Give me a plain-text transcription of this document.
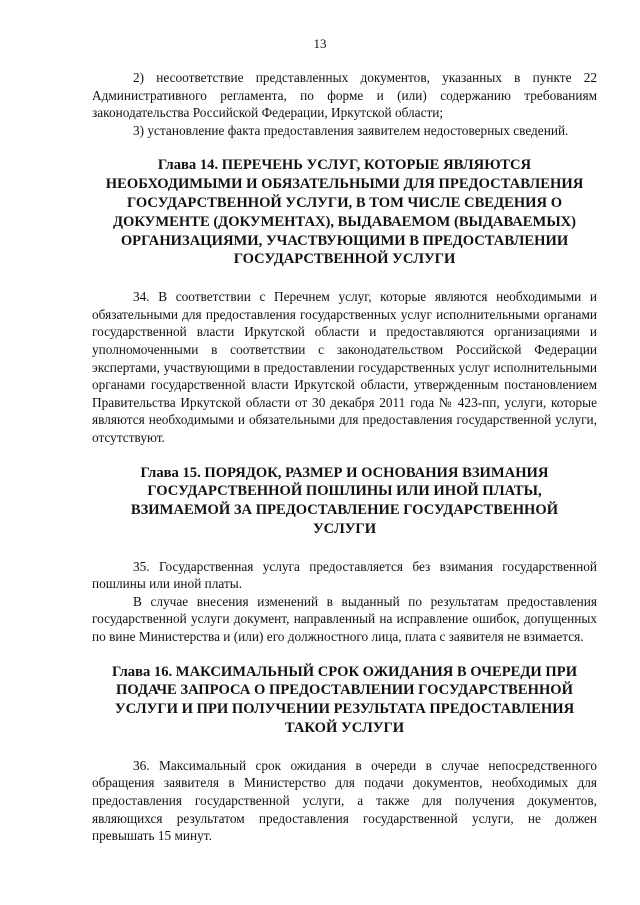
13

2) несоответствие представленных документов, указанных в пункте 22 Административного регламента, по форме и (или) содержанию требованиям законодательства Российской Федерации, Иркутской области;

3) установление факта предоставления заявителем недостоверных сведений.

Глава 14. ПЕРЕЧЕНЬ УСЛУГ, КОТОРЫЕ ЯВЛЯЮТСЯ НЕОБХОДИМЫМИ И ОБЯЗАТЕЛЬНЫМИ ДЛЯ ПРЕДОСТАВЛЕНИЯ ГОСУДАРСТВЕННОЙ УСЛУГИ, В ТОМ ЧИСЛЕ СВЕДЕНИЯ О ДОКУМЕНТЕ (ДОКУМЕНТАХ), ВЫДАВАЕМОМ (ВЫДАВАЕМЫХ) ОРГАНИЗАЦИЯМИ, УЧАСТВУЮЩИМИ В ПРЕДОСТАВЛЕНИИ ГОСУДАРСТВЕННОЙ УСЛУГИ

34. В соответствии с Перечнем услуг, которые являются необходимыми и обязательными для предоставления государственных услуг исполнительными органами государственной власти Иркутской области и предоставляются организациями и уполномоченными в соответствии с законодательством Российской Федерации экспертами, участвующими в предоставлении государственных услуг исполнительными органами государственной власти Иркутской области, утвержденным постановлением Правительства Иркутской области от 30 декабря 2011 года № 423-пп, услуги, которые являются необходимыми и обязательными для предоставления государственной услуги, отсутствуют.

Глава 15. ПОРЯДОК, РАЗМЕР И ОСНОВАНИЯ ВЗИМАНИЯ ГОСУДАРСТВЕННОЙ ПОШЛИНЫ ИЛИ ИНОЙ ПЛАТЫ, ВЗИМАЕМОЙ ЗА ПРЕДОСТАВЛЕНИЕ ГОСУДАРСТВЕННОЙ УСЛУГИ

35. Государственная услуга предоставляется без взимания государственной пошлины или иной платы.

В случае внесения изменений в выданный по результатам предоставления государственной услуги документ, направленный на исправление ошибок, допущенных по вине Министерства и (или) его должностного лица, плата с заявителя не взимается.

Глава 16. МАКСИМАЛЬНЫЙ СРОК ОЖИДАНИЯ В ОЧЕРЕДИ ПРИ ПОДАЧЕ ЗАПРОСА О ПРЕДОСТАВЛЕНИИ ГОСУДАРСТВЕННОЙ УСЛУГИ И ПРИ ПОЛУЧЕНИИ РЕЗУЛЬТАТА ПРЕДОСТАВЛЕНИЯ ТАКОЙ УСЛУГИ

36. Максимальный срок ожидания в очереди в случае непосредственного обращения заявителя в Министерство для подачи документов, необходимых для предоставления государственной услуги, а также для получения документов, являющихся результатом предоставления государственной услуги, не должен превышать 15 минут.
